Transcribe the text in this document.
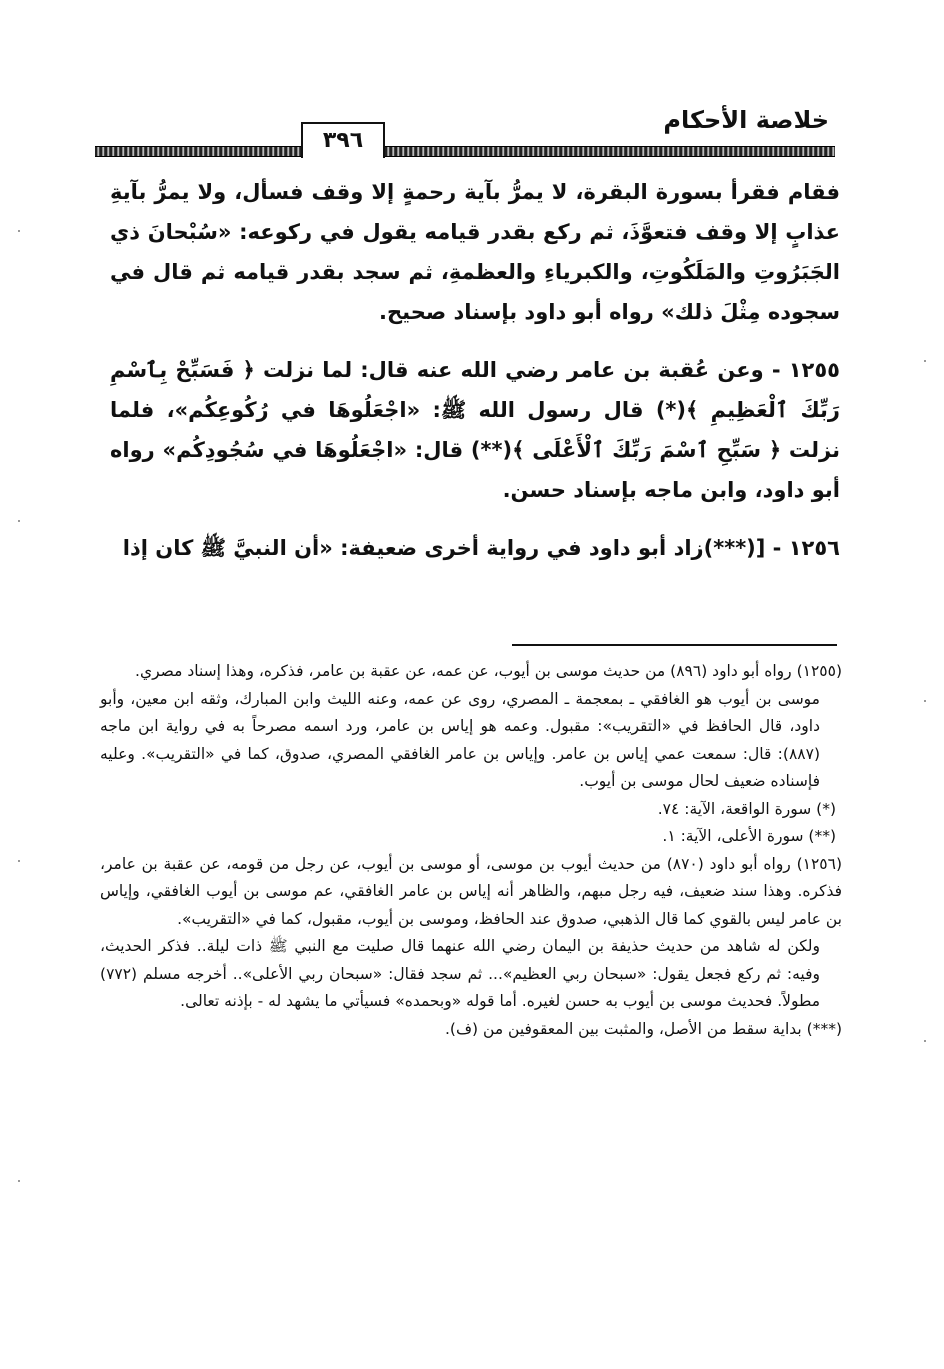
٣٩٦
خلاصة الأحكام

فقام فقرأ بسورة البقرة، لا يمرُّ بآية رحمةٍ إلا وقف فسأل، ولا يمرُّ بآيةِ عذابٍ إلا وقف فتعوَّذَ، ثم ركع بقدر قيامه يقول في ركوعه: «سُبْحانَ ذي الجَبَرُوتِ والمَلَكُوتِ، والكبرياءِ والعظمةِ، ثم سجد بقدر قيامه ثم قال في سجوده مِثْلَ ذلك» رواه أبو داود بإسناد صحيح.

١٢٥٥ - وعن عُقبة بن عامر رضي الله عنه قال: لما نزلت ﴿ فَسَبِّحْ بِٱسْمِ رَبِّكَ ٱلْعَظِيمِ ﴾(*) قال رسول الله ﷺ: «اجْعَلُوهَا في رُكُوعِكُم»، فلما نزلت ﴿ سَبِّحِ ٱسْمَ رَبِّكَ ٱلْأَعْلَى ﴾(**) قال: «اجْعَلُوهَا في سُجُودِكُم» رواه أبو داود، وابن ماجه بإسناد حسن.

١٢٥٦ - [(***)زاد أبو داود في رواية أخرى ضعيفة: «أن النبيَّ ﷺ كان إذا

(١٢٥٥) رواه أبو داود (٨٩٦) من حديث موسى بن أيوب، عن عمه، عن عقبة بن عامر، فذكره، وهذا إسناد مصري.

موسى بن أيوب هو الغافقي ـ بمعجمة ـ المصري، روى عن عمه، وعنه الليث وابن المبارك، وثقه ابن معين، وأبو داود، قال الحافظ في «التقريب»: مقبول. وعمه هو إياس بن عامر، ورد اسمه مصرحاً به في رواية ابن ماجه (٨٨٧): قال: سمعت عمي إياس بن عامر. وإياس بن عامر الغافقي المصري، صدوق، كما في «التقريب». وعليه فإسناده ضعيف لحال موسى بن أيوب.

(*) سورة الواقعة، الآية: ٧٤.

(**) سورة الأعلى، الآية: ١.

(١٢٥٦) رواه أبو داود (٨٧٠) من حديث أيوب بن موسى، أو موسى بن أيوب، عن رجل من قومه، عن عقبة بن عامر، فذكره. وهذا سند ضعيف، فيه رجل مبهم، والظاهر أنه إياس بن عامر الغافقي، عم موسى بن أيوب الغافقي، وإياس بن عامر ليس بالقوي كما قال الذهبي، صدوق عند الحافظ، وموسى بن أيوب، مقبول، كما في «التقريب».

ولكن له شاهد من حديث حذيفة بن اليمان رضي الله عنهما قال صليت مع النبي ﷺ ذات ليلة.. فذكر الحديث، وفيه: ثم ركع فجعل يقول: «سبحان ربي العظيم»... ثم سجد فقال: «سبحان ربي الأعلى».. أخرجه مسلم (٧٧٢) مطولاً. فحديث موسى بن أيوب به حسن لغيره. أما قوله «وبحمده» فسيأتي ما يشهد له - بإذنه تعالى.

(***) بداية سقط من الأصل، والمثبت بين المعقوفين من (ف).
